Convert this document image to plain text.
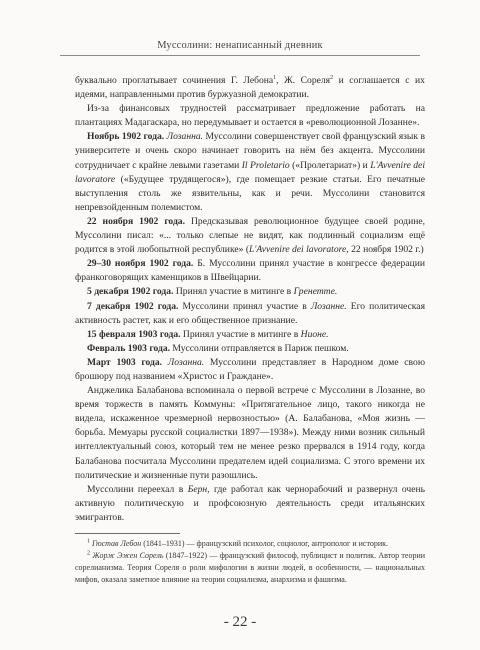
Муссолини: ненаписанный дневник

буквально проглатывает сочинения Г. Лебона$^1$, Ж. Сореля$^2$ и соглашается с их идеями, направленными против буржуазной демократии.

Из-за финансовых трудностей рассматривает предложение работать на плантациях Мадагаскара, но передумывает и остается в «революционной Лозанне».

Ноябрь 1902 года. Лозанна. Муссолини совершенствует свой французский язык в университете и очень скоро начинает говорить на нём без акцента. Муссолини сотрудничает с крайне левыми газетами Il Proletario («Пролетариат») и L'Avvenire dei lavoratore («Будущее трудящегося»), где помещает резкие статьи. Его печатные выступления столь же язвительны, как и речи. Муссолини становится непревзойденным полемистом.

22 ноября 1902 года. Предсказывая революционное будущее своей родине, Муссолини писал: «... только слепые не видят, как подлинный социализм ещё родится в этой любопытной республике» (L'Avvenire dei lavoratore, 22 ноября 1902 г.)

29–30 ноября 1902 года. Б. Муссолини принял участие в конгрессе федерации франкоговорящих каменщиков в Швейцарии.

5 декабря 1902 года. Принял участие в митинге в Гренетте.

7 декабря 1902 года. Муссолини принял участие в Лозанне. Его политическая активность растет, как и его общественное признание.

15 февраля 1903 года. Принял участие в митинге в Нионе.

Февраль 1903 года. Муссолини отправляется в Париж пешком.

Март 1903 года. Лозанна. Муссолини представляет в Народном доме свою брошюру под названием «Христос и Граждане».

Анджелика Балабанова вспоминала о первой встрече с Муссолини в Лозанне, во время торжеств в память Коммуны: «Притягательное лицо, такого никогда не видела, искаженное чрезмерной нервозностью» (А. Балабанова, «Моя жизнь — борьба. Мемуары русской социалистки 1897—1938»). Между ними возник сильный интеллектуальный союз, который тем не менее резко прервался в 1914 году, когда Балабанова посчитала Муссолини предателем идей социализма. С этого времени их политические и жизненные пути разошлись.

Муссолини переехал в Берн, где работал как чернорабочий и развернул очень активную политическую и профсоюзную деятельность среди итальянских эмигрантов.

$^1$ Гюстав Лебон (1841–1931) — французский психолог, социолог, антрополог и историк.

$^2$ Жорж Эжен Сорель (1847–1922) — французский философ, публицист и политик. Автор теории сорелианизма. Теория Сореля о роли мифологии в жизни людей, в особенности, — национальных мифов, оказала заметное влияние на теории социализма, анархизма и фашизма.

- 22 -
